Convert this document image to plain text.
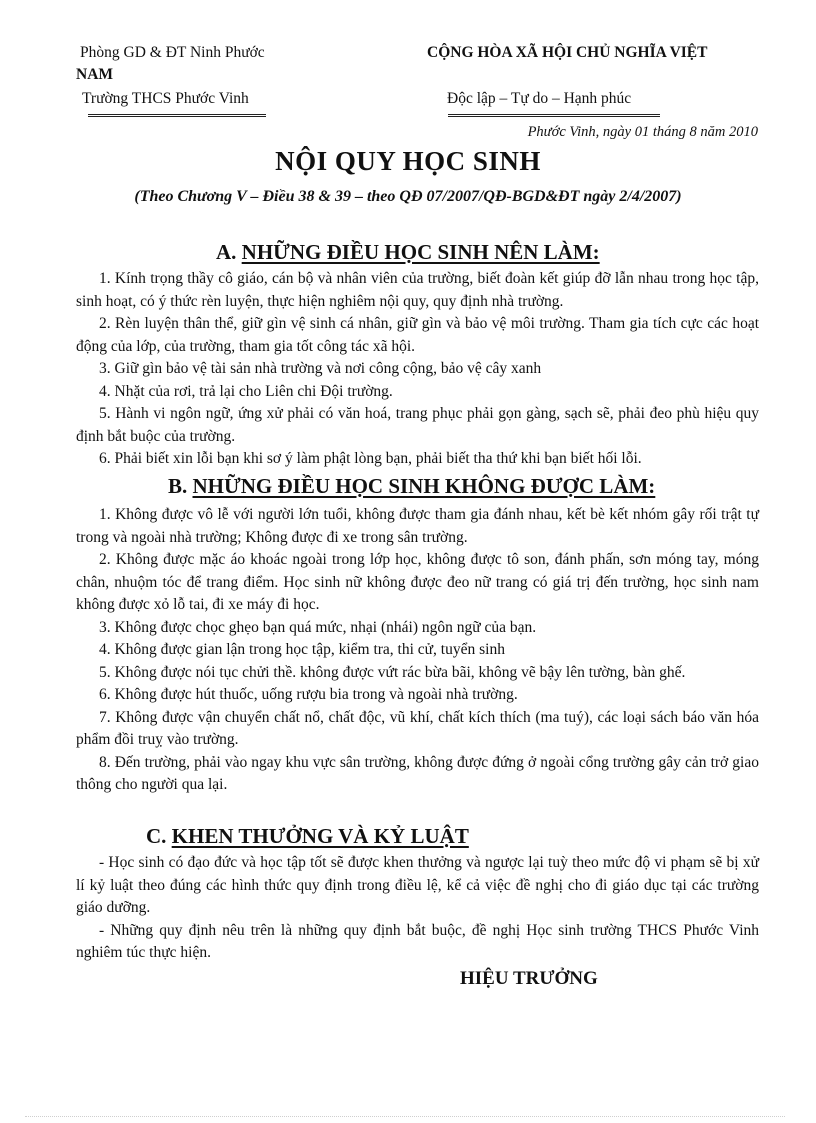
Phòng GD & ĐT Ninh Phước	CỘNG HÒA XÃ HỘI CHỦ NGHĨA VIỆT
NAM
Trường THCS Phước Vinh	Độc lập – Tự do – Hạnh phúc
Phước Vinh, ngày 01 tháng 8 năm 2010
NỘI QUY HỌC SINH
(Theo Chương V – Điều 38 & 39 – theo QĐ 07/2007/QĐ-BGD&ĐT ngày 2/4/2007)
A. NHỮNG ĐIỀU HỌC SINH NÊN LÀM:

1. Kính trọng thầy cô giáo, cán bộ và nhân viên của trường, biết đoàn kết giúp đỡ lẫn nhau trong học tập, sinh hoạt, có ý thức rèn luyện, thực hiện nghiêm nội quy, quy định nhà trường.

2. Rèn luyện thân thể, giữ gìn vệ sinh cá nhân, giữ gìn và bảo vệ môi trường. Tham gia tích cực các hoạt động của lớp, của trường, tham gia tốt công tác xã hội.

3. Giữ gìn bảo vệ tài sản nhà trường và nơi công cộng, bảo vệ cây xanh

4. Nhặt của rơi, trả lại cho Liên chi Đội trường.

5. Hành vi ngôn ngữ, ứng xử phải có văn hoá, trang phục phải gọn gàng, sạch sẽ, phải đeo phù hiệu quy định bắt buộc của trường.

6. Phải biết xin lỗi bạn khi sơ ý làm phật lòng bạn, phải biết tha thứ khi bạn biết hối lỗi.

B. NHỮNG ĐIỀU HỌC SINH KHÔNG ĐƯỢC LÀM:

1. Không được vô lễ với người lớn tuổi, không được tham gia đánh nhau, kết bè kết nhóm gây rối trật tự trong và ngoài nhà trường; Không được đi xe trong sân trường.

2. Không được mặc áo khoác ngoài trong lớp học, không được tô son, đánh phấn, sơn móng tay, móng chân, nhuộm tóc để trang điểm. Học sinh nữ không được đeo nữ trang có giá trị đến trường, học sinh nam không được xỏ lỗ tai, đi xe máy đi học.

3. Không được chọc ghẹo bạn quá mức, nhại (nhái) ngôn ngữ của bạn.

4. Không được gian lận trong học tập, kiểm tra, thi cử, tuyển sinh

5. Không được nói tục chửi thề. không được vứt rác bừa bãi, không vẽ bậy lên tường, bàn ghế.

6. Không được hút thuốc, uống rượu bia trong và ngoài nhà trường.

7. Không được vận chuyển chất nổ, chất độc, vũ khí, chất kích thích (ma tuý), các loại sách báo văn hóa phẩm đồi truỵ vào trường.

8. Đến trường, phải vào ngay khu vực sân trường, không được đứng ở ngoài cổng trường gây cản trở giao thông cho người qua lại.

C. KHEN THƯỞNG VÀ KỶ LUẬT

- Học sinh có đạo đức và học tập tốt sẽ được khen thưởng và ngược lại tuỳ theo mức độ vi phạm sẽ bị xử lí kỷ luật theo đúng các hình thức quy định trong điều lệ, kể cả việc đề nghị cho đi giáo dục tại các trường giáo dưỡng.

- Những quy định nêu trên là những quy định bắt buộc, đề nghị Học sinh trường THCS Phước Vinh nghiêm túc thực hiện.

HIỆU TRƯỞNG
